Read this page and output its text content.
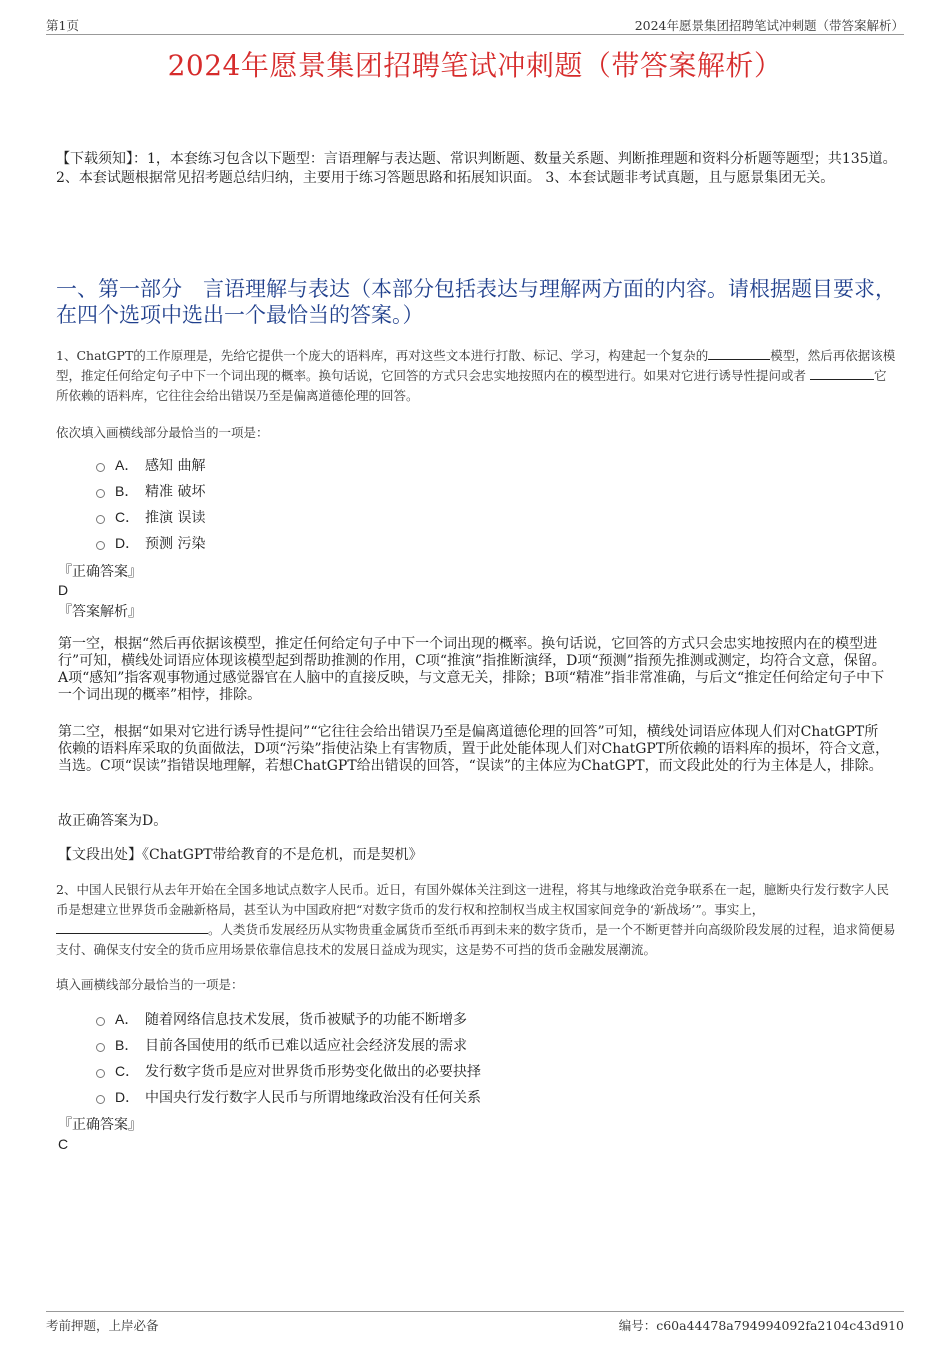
第1页	2024年愿景集团招聘笔试冲刺题（带答案解析）
2024年愿景集团招聘笔试冲刺题（带答案解析）
【下载须知】：1，本套练习包含以下题型：言语理解与表达题、常识判断题、数量关系题、判断推理题和资料分析题等题型；共135道。 2、本套试题根据常见招考题总结归纳，主要用于练习答题思路和拓展知识面。 3、本套试题非考试真题，且与愿景集团无关。
一、第一部分　言语理解与表达（本部分包括表达与理解两方面的内容。请根据题目要求，在四个选项中选出一个最恰当的答案。）
1、ChatGPT的工作原理是，先给它提供一个庞大的语料库，再对这些文本进行打散、标记、学习，构建起一个复杂的	模型，然后再依据该模型，推定任何给定句子中下一个词出现的概率。换句话说，它回答的方式只会忠实地按照内在的模型进行。如果对它进行诱导性提问或者	它所依赖的语料库，它往往会给出错误乃至是偏离道德伦理的回答。
依次填入画横线部分最恰当的一项是：
A． 感知 曲解
B． 精准 破坏
C． 推演 误读
D． 预测 污染
『正确答案』
D
『答案解析』
第一空，根据“然后再依据该模型，推定任何给定句子中下一个词出现的概率。换句话说，它回答的方式只会忠实地按照内在的模型进行”可知，横线处词语应体现该模型起到帮助推测的作用，C项“推演”指推断演绎，D项“预测”指预先推测或测定，均符合文意，保留。A项“感知”指客观事物通过感觉器官在人脑中的直接反映，与文意无关，排除；B项“精准”指非常准确，与后文“推定任何给定句子中下一个词出现的概率”相悖，排除。
第二空，根据“如果对它进行诱导性提问”“它往往会给出错误乃至是偏离道德伦理的回答”可知，横线处词语应体现人们对ChatGPT所依赖的语料库采取的负面做法，D项“污染”指使沾染上有害物质，置于此处能体现人们对ChatGPT所依赖的语料库的损坏，符合文意，当选。C项“误读”指错误地理解，若想ChatGPT给出错误的回答，“误读”的主体应为ChatGPT，而文段此处的行为主体是人，排除。
故正确答案为D。
【文段出处】《ChatGPT带给教育的不是危机，而是契机》
2、中国人民银行从去年开始在全国多地试点数字人民币。近日，有国外媒体关注到这一进程，将其与地缘政治竞争联系在一起，臆断央行发行数字人民币是想建立世界货币金融新格局，甚至认为中国政府把“对数字货币的发行权和控制权当成主权国家间竞争的‘新战场’”。事实上，。人类货币发展经历从实物贵重金属货币至纸币再到未来的数字货币，是一个不断更替并向高级阶段发展的过程，追求简便易支付、确保支付安全的货币应用场景依靠信息技术的发展日益成为现实，这是势不可挡的货币金融发展潮流。
填入画横线部分最恰当的一项是：
A． 随着网络信息技术发展，货币被赋予的功能不断增多
B． 目前各国使用的纸币已难以适应社会经济发展的需求
C． 发行数字货币是应对世界货币形势变化做出的必要抉择
D． 中国央行发行数字人民币与所谓地缘政治没有任何关系
『正确答案』
C
考前押题，上岸必备	编号：c60a44478a794994092fa2104c43d910
